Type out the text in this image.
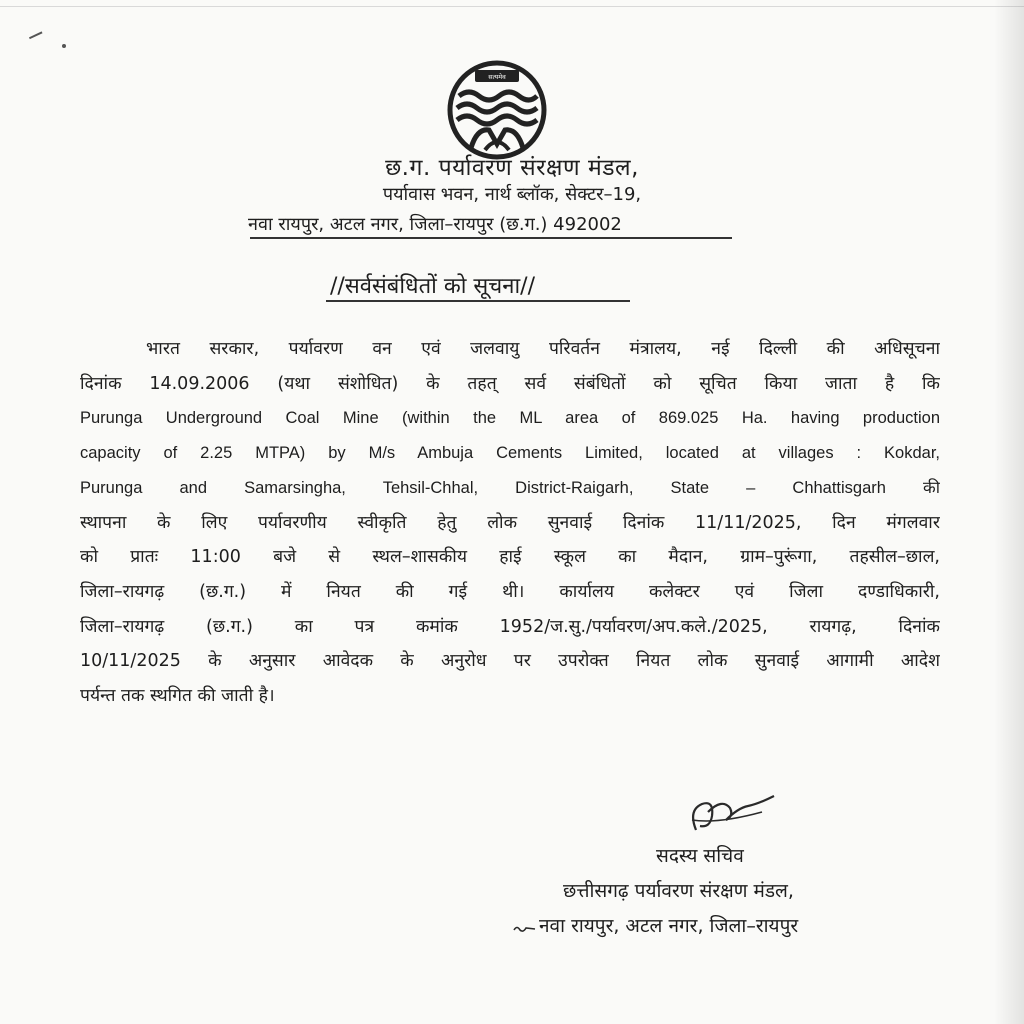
सत्यमेव
छ.ग. पर्यावरण संरक्षण मंडल,
पर्यावास भवन, नार्थ ब्लॉक, सेक्टर–19,
नवा रायपुर, अटल नगर, जिला–रायपुर (छ.ग.) 492002
//सर्वसंबंधितों को सूचना//
भारत सरकार, पर्यावरण वन एवं जलवायु परिवर्तन मंत्रालय, नई दिल्ली की अधिसूचना
दिनांक 14.09.2006 (यथा संशोधित) के तहत् सर्व संबंधितों को सूचित किया जाता है कि
Purunga Underground Coal Mine (within the ML area of 869.025 Ha. having production
capacity of 2.25 MTPA) by M/s Ambuja Cements Limited, located at villages : Kokdar,
Purunga and Samarsingha, Tehsil-Chhal, District-Raigarh, State – Chhattisgarh की
स्थापना के लिए पर्यावरणीय स्वीकृति हेतु लोक सुनवाई दिनांक 11/11/2025, दिन मंगलवार
को प्रातः 11:00 बजे से स्थल–शासकीय हाई स्कूल का मैदान, ग्राम–पुरूंगा, तहसील–छाल,
जिला–रायगढ़ (छ.ग.) में नियत की गई थी। कार्यालय कलेक्टर एवं जिला दण्डाधिकारी,
जिला–रायगढ़ (छ.ग.) का पत्र कमांक 1952/ज.सु./पर्यावरण/अप.कले./2025, रायगढ़, दिनांक
10/11/2025 के अनुसार आवेदक के अनुरोध पर उपरोक्त नियत लोक सुनवाई आगामी आदेश
पर्यन्त तक स्थगित की जाती है।
सदस्य सचिव
छत्तीसगढ़ पर्यावरण संरक्षण मंडल,
नवा रायपुर, अटल नगर, जिला–रायपुर
